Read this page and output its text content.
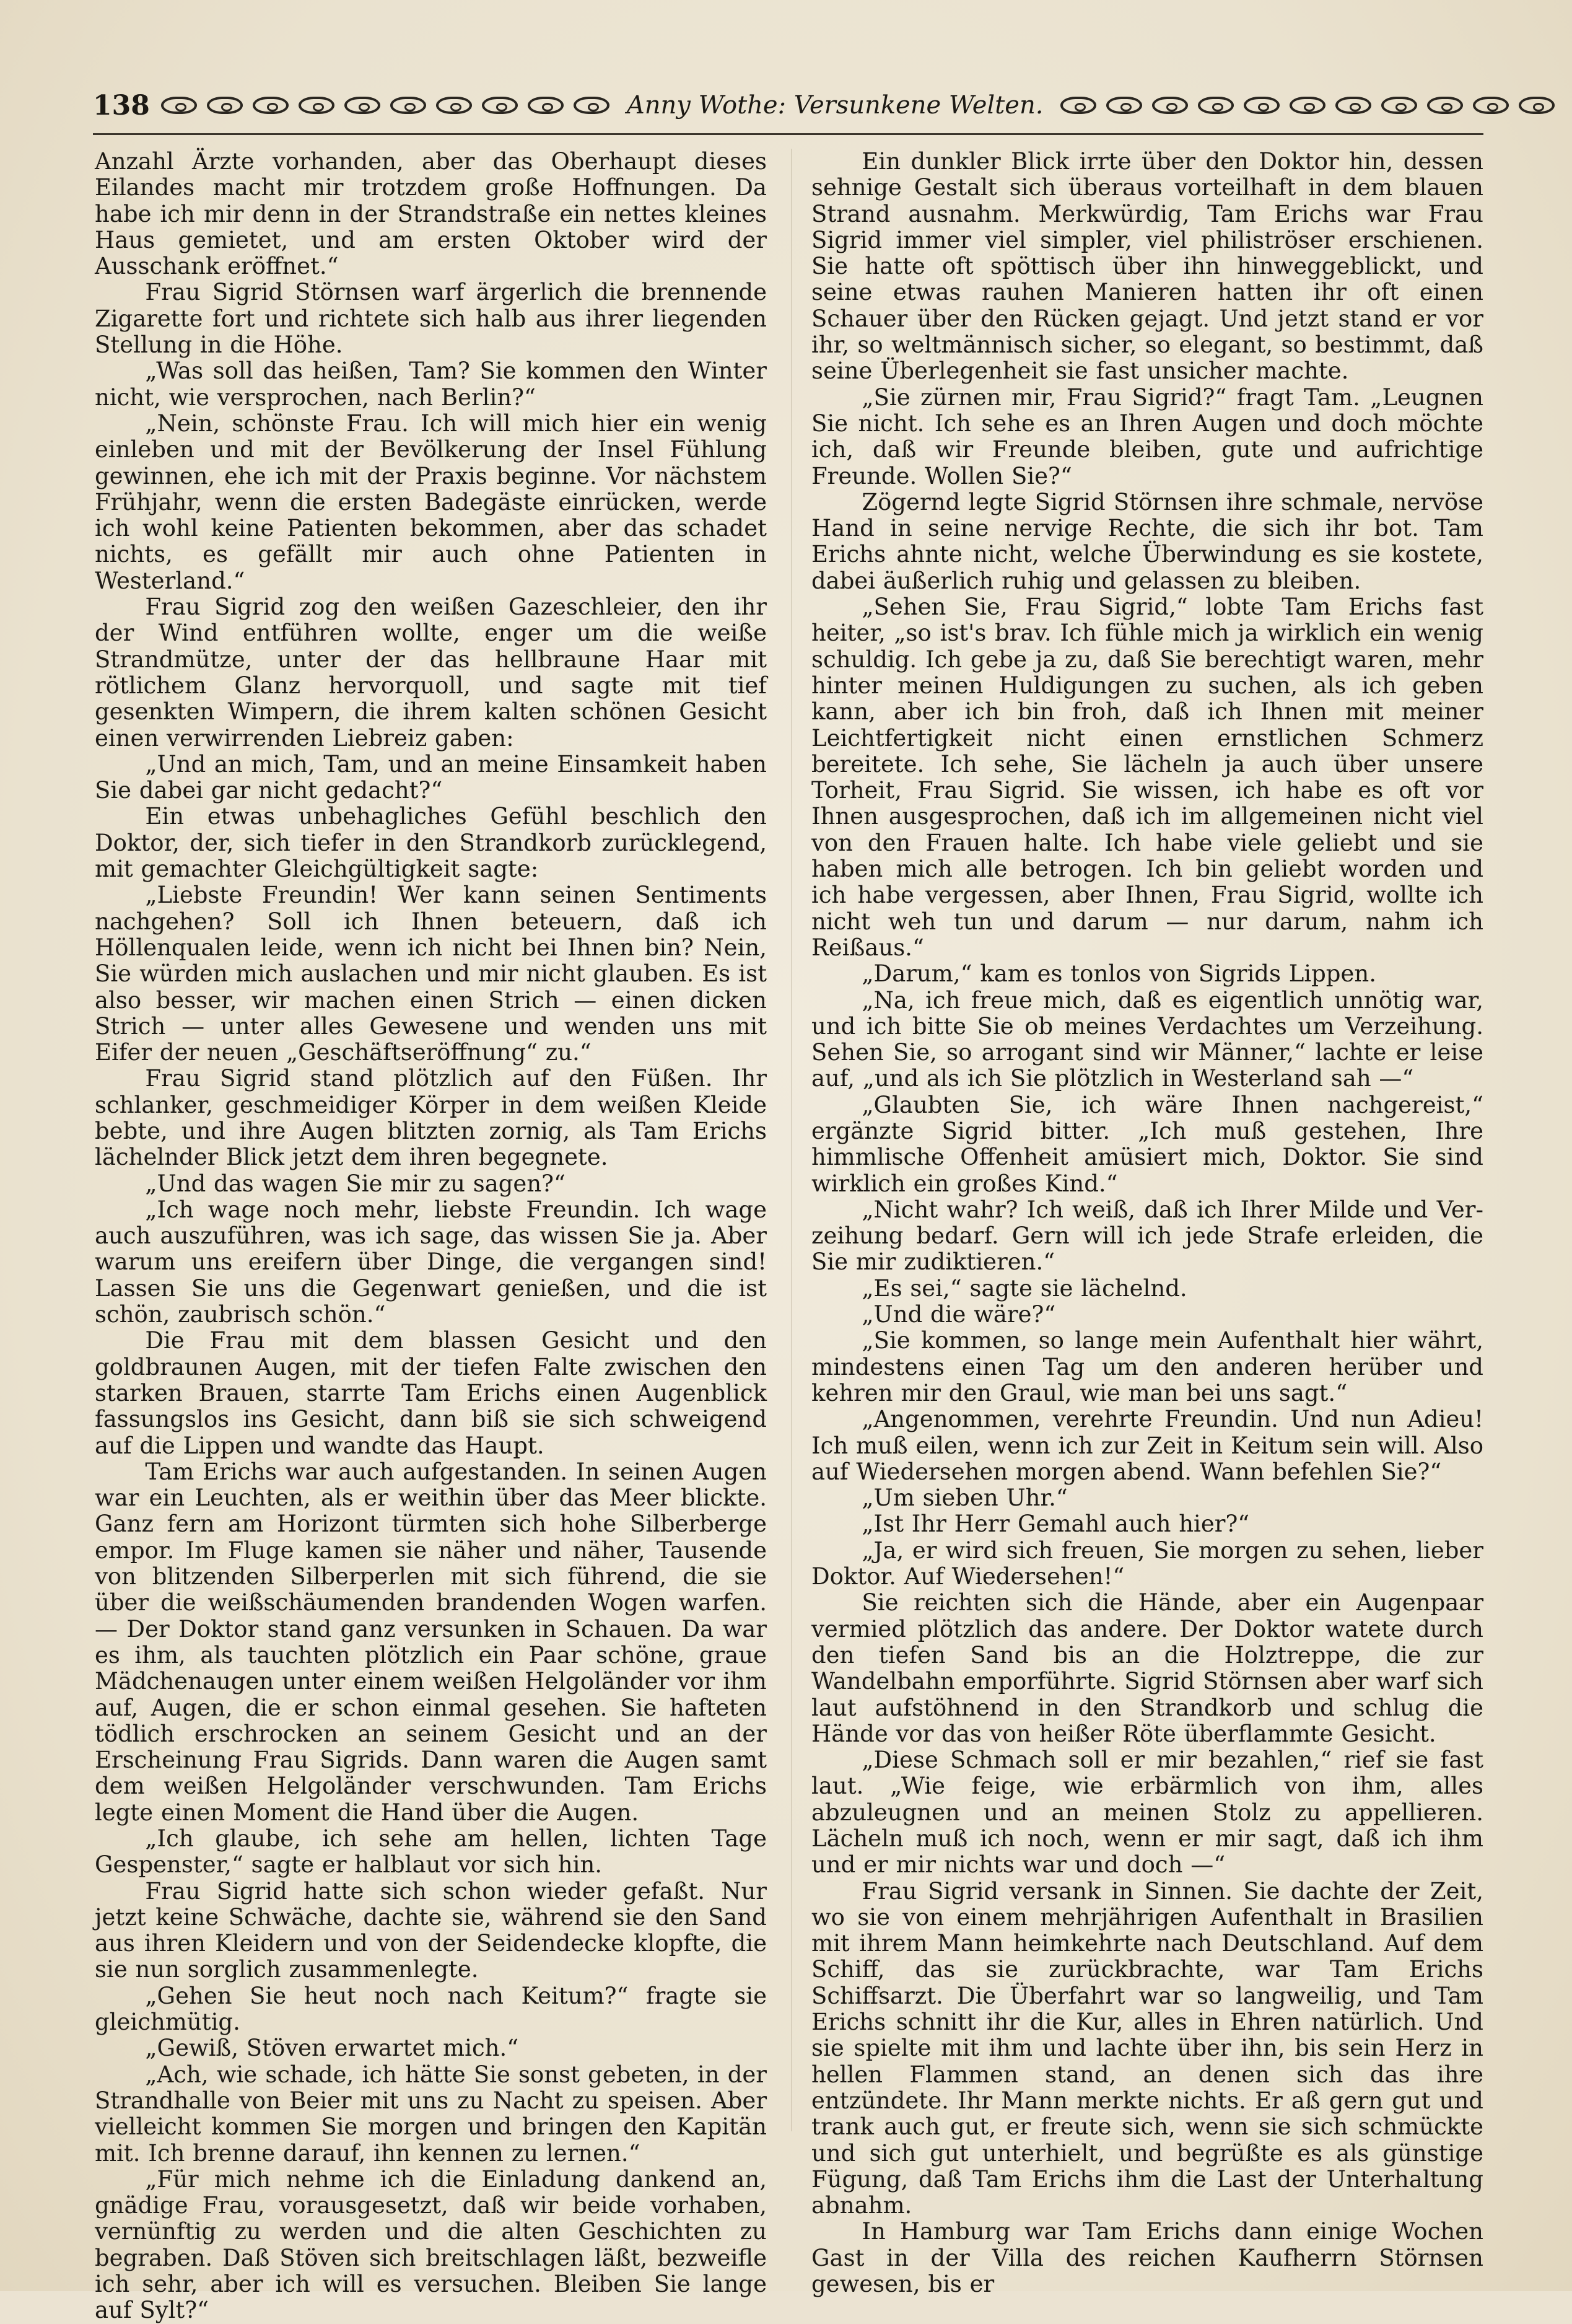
138	Anny Wothe: Versunkene Welten.

Anzahl Ärzte vorhanden, aber das Oberhaupt dieses Eilandes macht mir trotzdem große Hoffnungen. Da habe ich mir denn in der Strandstraße ein nettes kleines Haus gemietet, und am ersten Oktober wird der Ausschank eröffnet.“

Frau Sigrid Störnsen warf ärgerlich die brennende Zigarette fort und richtete sich halb aus ihrer liegenden Stellung in die Höhe.

„Was soll das heißen, Tam? Sie kommen den Winter nicht, wie versprochen, nach Berlin?“

„Nein, schönste Frau. Ich will mich hier ein wenig einleben und mit der Bevölkerung der Insel Fühlung gewinnen, ehe ich mit der Praxis beginne. Vor nächstem Frühjahr, wenn die ersten Badegäste einrücken, werde ich wohl keine Patienten bekommen, aber das schadet nichts, es gefällt mir auch ohne Patienten in Westerland.“

Frau Sigrid zog den weißen Gazeschleier, den ihr der Wind entführen wollte, enger um die weiße Strandmütze, unter der das hellbraune Haar mit rötlichem Glanz hervorquoll, und sagte mit tief gesenkten Wimpern, die ihrem kalten schönen Gesicht einen verwirrenden Liebreiz gaben:

„Und an mich, Tam, und an meine Einsamkeit haben Sie dabei gar nicht gedacht?“

Ein etwas unbehagliches Gefühl beschlich den Doktor, der, sich tiefer in den Strandkorb zurücklegend, mit gemachter Gleichgültigkeit sagte:

„Liebste Freundin! Wer kann seinen Sentiments nachgehen? Soll ich Ihnen beteuern, daß ich Höllenqualen leide, wenn ich nicht bei Ihnen bin? Nein, Sie würden mich auslachen und mir nicht glauben. Es ist also besser, wir machen einen Strich — einen dicken Strich — unter alles Gewesene und wenden uns mit Eifer der neuen „Geschäftseröffnung“ zu.“

Frau Sigrid stand plötzlich auf den Füßen. Ihr schlanker, geschmeidiger Körper in dem weißen Kleide bebte, und ihre Augen blitzten zornig, als Tam Erichs lächelnder Blick jetzt dem ihren begegnete.

„Und das wagen Sie mir zu sagen?“

„Ich wage noch mehr, liebste Freundin. Ich wage auch auszuführen, was ich sage, das wissen Sie ja. Aber warum uns ereifern über Dinge, die vergangen sind! Lassen Sie uns die Gegenwart genießen, und die ist schön, zaubrisch schön.“

Die Frau mit dem blassen Gesicht und den goldbraunen Augen, mit der tiefen Falte zwischen den starken Brauen, starrte Tam Erichs einen Augenblick fassungslos ins Gesicht, dann biß sie sich schweigend auf die Lippen und wandte das Haupt.

Tam Erichs war auch aufgestanden. In seinen Augen war ein Leuchten, als er weithin über das Meer blickte. Ganz fern am Horizont türmten sich hohe Silberberge empor. Im Fluge kamen sie näher und näher, Tausende von blitzenden Silberperlen mit sich führend, die sie über die weißschäumenden brandenden Wogen warfen. — Der Doktor stand ganz versunken in Schauen. Da war es ihm, als tauchten plötzlich ein Paar schöne, graue Mädchenaugen unter einem weißen Helgoländer vor ihm auf, Augen, die er schon einmal gesehen. Sie hafteten tödlich erschrocken an seinem Gesicht und an der Erscheinung Frau Sigrids. Dann waren die Augen samt dem weißen Helgoländer verschwunden. Tam Erichs legte einen Moment die Hand über die Augen.

„Ich glaube, ich sehe am hellen, lichten Tage Gespenster,“ sagte er halblaut vor sich hin.

Frau Sigrid hatte sich schon wieder gefaßt. Nur jetzt keine Schwäche, dachte sie, während sie den Sand aus ihren Kleidern und von der Seidendecke klopfte, die sie nun sorglich zusammenlegte.

„Gehen Sie heut noch nach Keitum?“ fragte sie gleichmütig.

„Gewiß, Stöven erwartet mich.“

„Ach, wie schade, ich hätte Sie sonst gebeten, in der Strandhalle von Beier mit uns zu Nacht zu speisen. Aber vielleicht kommen Sie morgen und bringen den Kapitän mit. Ich brenne darauf, ihn kennen zu lernen.“

„Für mich nehme ich die Einladung dankend an, gnädige Frau, vorausgesetzt, daß wir beide vorhaben, vernünftig zu werden und die alten Geschichten zu begraben. Daß Stöven sich breitschlagen läßt, bezweifle ich sehr, aber ich will es versuchen. Bleiben Sie lange auf Sylt?“

Ein dunkler Blick irrte über den Doktor hin, dessen sehnige Gestalt sich überaus vorteilhaft in dem blauen Strand ausnahm. Merkwürdig, Tam Erichs war Frau Sigrid immer viel simpler, viel philiströser erschienen. Sie hatte oft spöttisch über ihn hinweggeblickt, und seine etwas rauhen Manieren hatten ihr oft einen Schauer über den Rücken gejagt. Und jetzt stand er vor ihr, so weltmännisch sicher, so elegant, so bestimmt, daß seine Überlegenheit sie fast unsicher machte.

„Sie zürnen mir, Frau Sigrid?“ fragt Tam. „Leugnen Sie nicht. Ich sehe es an Ihren Augen und doch möchte ich, daß wir Freunde bleiben, gute und aufrichtige Freunde. Wollen Sie?“

Zögernd legte Sigrid Störnsen ihre schmale, nervöse Hand in seine nervige Rechte, die sich ihr bot. Tam Erichs ahnte nicht, welche Überwindung es sie kostete, dabei äußerlich ruhig und gelassen zu bleiben.

„Sehen Sie, Frau Sigrid,“ lobte Tam Erichs fast heiter, „so ist's brav. Ich fühle mich ja wirklich ein wenig schuldig. Ich gebe ja zu, daß Sie berechtigt waren, mehr hinter meinen Huldigungen zu suchen, als ich geben kann, aber ich bin froh, daß ich Ihnen mit meiner Leichtfertigkeit nicht einen ernstlichen Schmerz bereitete. Ich sehe, Sie lächeln ja auch über unsere Torheit, Frau Sigrid. Sie wissen, ich habe es oft vor Ihnen ausgesprochen, daß ich im allgemeinen nicht viel von den Frauen halte. Ich habe viele geliebt und sie haben mich alle betrogen. Ich bin geliebt worden und ich habe vergessen, aber Ihnen, Frau Sigrid, wollte ich nicht weh tun und darum — nur darum, nahm ich Reißaus.“

„Darum,“ kam es tonlos von Sigrids Lippen.

„Na, ich freue mich, daß es eigentlich unnötig war, und ich bitte Sie ob meines Verdachtes um Verzeihung. Sehen Sie, so arrogant sind wir Männer,“ lachte er leise auf, „und als ich Sie plötzlich in Westerland sah —“

„Glaubten Sie, ich wäre Ihnen nachgereist,“ ergänzte Sigrid bitter. „Ich muß gestehen, Ihre himmlische Offenheit amüsiert mich, Doktor. Sie sind wirklich ein großes Kind.“

„Nicht wahr? Ich weiß, daß ich Ihrer Milde und Verzeihung bedarf. Gern will ich jede Strafe erleiden, die Sie mir zudiktieren.“

„Es sei,“ sagte sie lächelnd.

„Und die wäre?“

„Sie kommen, so lange mein Aufenthalt hier währt, mindestens einen Tag um den anderen herüber und kehren mir den Graul, wie man bei uns sagt.“

„Angenommen, verehrte Freundin. Und nun Adieu! Ich muß eilen, wenn ich zur Zeit in Keitum sein will. Also auf Wiedersehen morgen abend. Wann befehlen Sie?“

„Um sieben Uhr.“

„Ist Ihr Herr Gemahl auch hier?“

„Ja, er wird sich freuen, Sie morgen zu sehen, lieber Doktor. Auf Wiedersehen!“

Sie reichten sich die Hände, aber ein Augenpaar vermied plötzlich das andere. Der Doktor watete durch den tiefen Sand bis an die Holztreppe, die zur Wandelbahn emporführte. Sigrid Störnsen aber warf sich laut aufstöhnend in den Strandkorb und schlug die Hände vor das von heißer Röte überflammte Gesicht.

„Diese Schmach soll er mir bezahlen,“ rief sie fast laut. „Wie feige, wie erbärmlich von ihm, alles abzuleugnen und an meinen Stolz zu appellieren. Lächeln muß ich noch, wenn er mir sagt, daß ich ihm und er mir nichts war und doch —“

Frau Sigrid versank in Sinnen. Sie dachte der Zeit, wo sie von einem mehrjährigen Aufenthalt in Brasilien mit ihrem Mann heimkehrte nach Deutschland. Auf dem Schiff, das sie zurückbrachte, war Tam Erichs Schiffsarzt. Die Überfahrt war so langweilig, und Tam Erichs schnitt ihr die Kur, alles in Ehren natürlich. Und sie spielte mit ihm und lachte über ihn, bis sein Herz in hellen Flammen stand, an denen sich das ihre entzündete. Ihr Mann merkte nichts. Er aß gern gut und trank auch gut, er freute sich, wenn sie sich schmückte und sich gut unterhielt, und begrüßte es als günstige Fügung, daß Tam Erichs ihm die Last der Unterhaltung abnahm.

In Hamburg war Tam Erichs dann einige Wochen Gast in der Villa des reichen Kaufherrn Störnsen gewesen, bis er
